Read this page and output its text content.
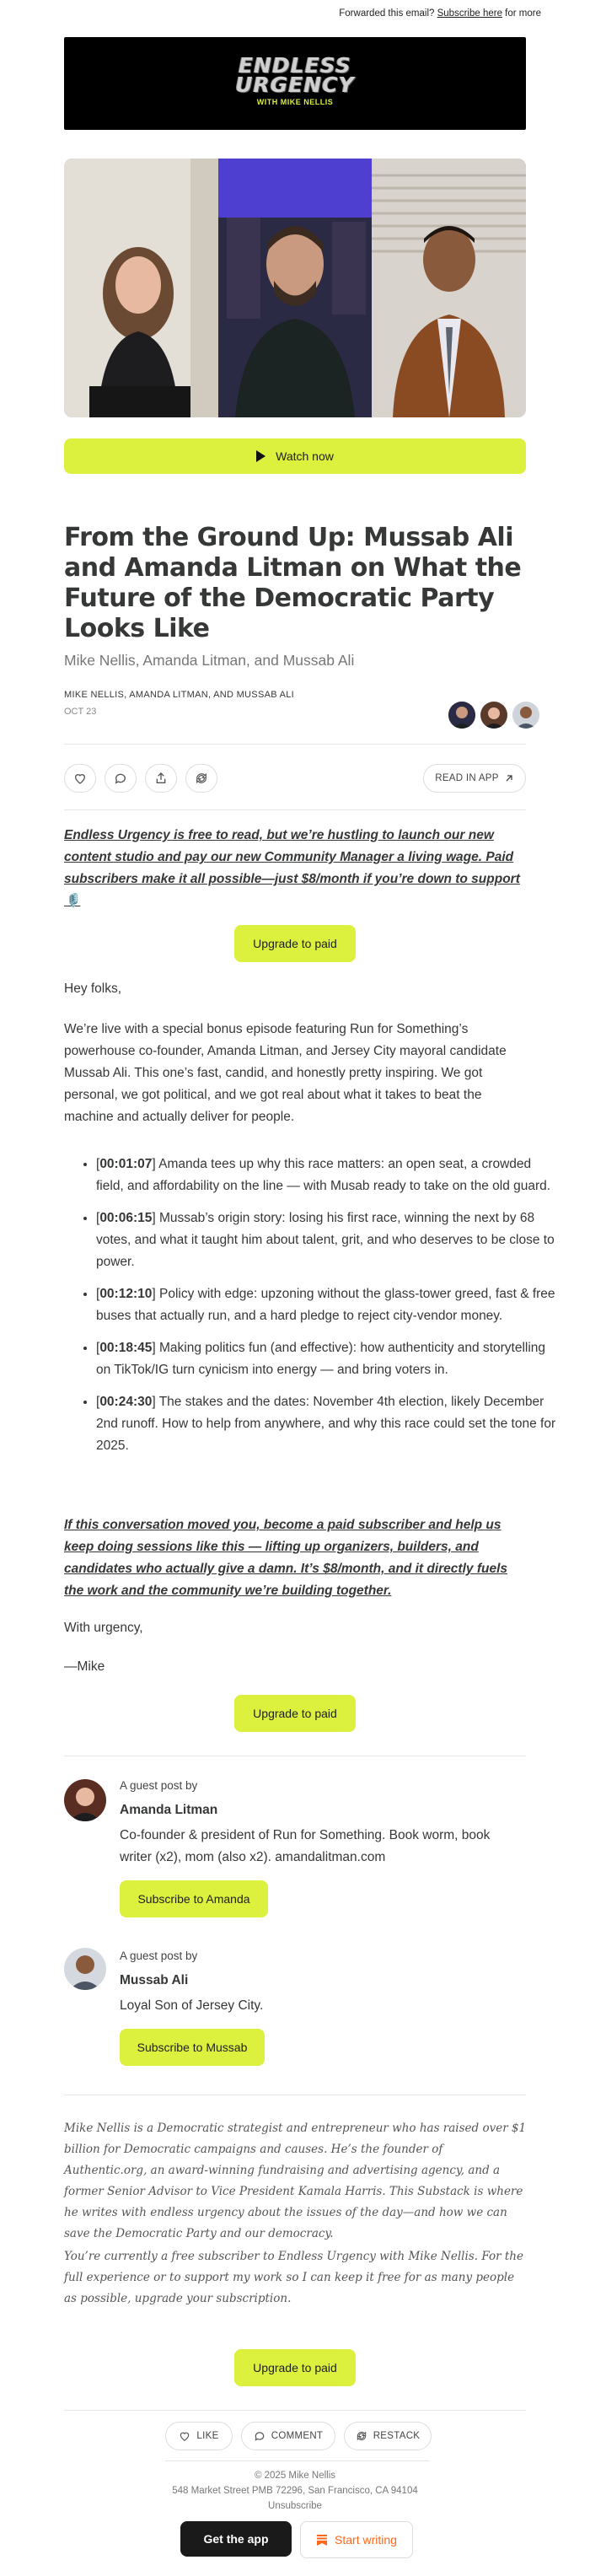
Forwarded this email? Subscribe here for more
ENDLESS
URGENCY
WITH MIKE NELLIS
Watch now
From the Ground Up: Mussab Ali and Amanda Litman on What the Future of the Democratic Party Looks Like
Mike Nellis, Amanda Litman, and Mussab Ali
MIKE NELLIS, AMANDA LITMAN, AND MUSSAB ALI
OCT 23
READ IN APP
Endless Urgency is free to read, but we’re hustling to launch our new content studio and pay our new Community Manager a living wage. Paid subscribers make it all possible—just $8/month if you’re down to support 🎙️
Upgrade to paid
Hey folks,
We’re live with a special bonus episode featuring Run for Something’s powerhouse co-founder, Amanda Litman, and Jersey City mayoral candidate Mussab Ali. This one’s fast, candid, and honestly pretty inspiring. We got personal, we got political, and we got real about what it takes to beat the machine and actually deliver for people.
• [00:01:07] Amanda tees up why this race matters: an open seat, a crowded field, and affordability on the line — with Musab ready to take on the old guard.
• [00:06:15] Mussab’s origin story: losing his first race, winning the next by 68 votes, and what it taught him about talent, grit, and who deserves to be close to power.
• [00:12:10] Policy with edge: upzoning without the glass-tower greed, fast & free buses that actually run, and a hard pledge to reject city-vendor money.
• [00:18:45] Making politics fun (and effective): how authenticity and storytelling on TikTok/IG turn cynicism into energy — and bring voters in.
• [00:24:30] The stakes and the dates: November 4th election, likely December 2nd runoff. How to help from anywhere, and why this race could set the tone for 2025.
If this conversation moved you, become a paid subscriber and help us keep doing sessions like this — lifting up organizers, builders, and candidates who actually give a damn. It’s $8/month, and it directly fuels the work and the community we’re building together.
With urgency,
—Mike
Upgrade to paid
A guest post by
Amanda Litman
Co-founder & president of Run for Something. Book worm, book writer (x2), mom (also x2). amandalitman.com
Subscribe to Amanda
A guest post by
Mussab Ali
Loyal Son of Jersey City.
Subscribe to Mussab
Mike Nellis is a Democratic strategist and entrepreneur who has raised over $1 billion for Democratic campaigns and causes. He’s the founder of Authentic.org, an award-winning fundraising and advertising agency, and a former Senior Advisor to Vice President Kamala Harris. This Substack is where he writes with endless urgency about the issues of the day—and how we can save the Democratic Party and our democracy.
You’re currently a free subscriber to Endless Urgency with Mike Nellis. For the full experience or to support my work so I can keep it free for as many people as possible, upgrade your subscription.
Upgrade to paid
LIKE	COMMENT	RESTACK
© 2025 Mike Nellis
548 Market Street PMB 72296, San Francisco, CA 94104
Unsubscribe
Get the app	Start writing
